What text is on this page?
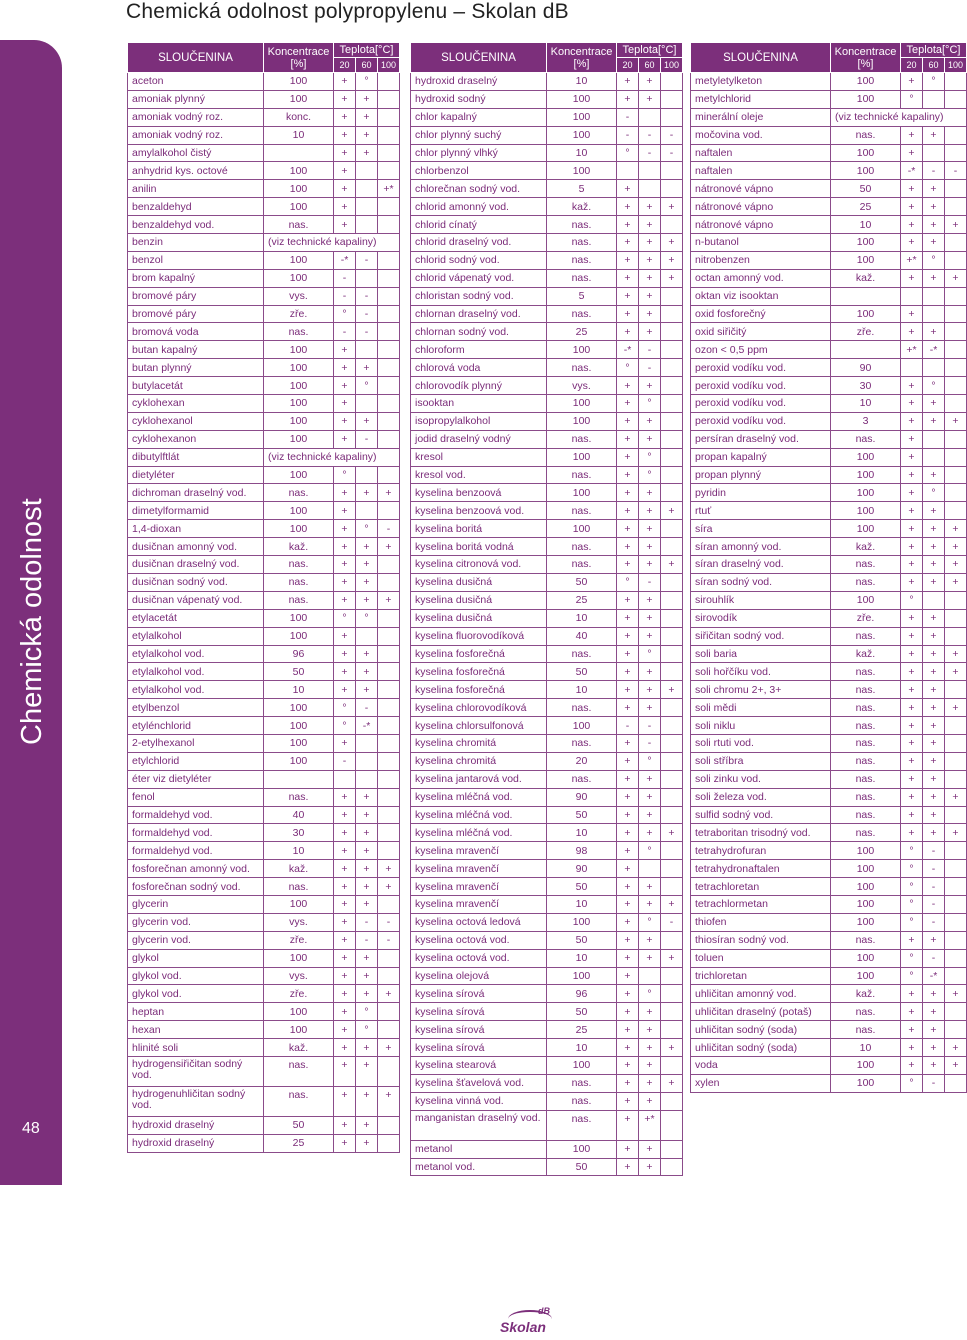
Chemická odolnost polypropylenu – Skolan dB
Chemická odolnost
48
SLOUČENINA	Koncentrace
[%]	Teplota[°C]		
		20	60	100
aceton	100	+	°	
amoniak plynný	100	+	+	
amoniak vodný roz.	konc.	+	+	
amoniak vodný roz.	10	+	+	
amylalkohol čistý		+	+	
anhydrid kys. octové	100	+		
anilin	100	+		+*
benzaldehyd	100	+		
benzaldehyd vod.	nas.	+		
benzin	(viz technické kapaliny)			
benzol	100	-*	-	
brom kapalný	100	-		
bromové páry	vys.	-	-	
bromové páry	zře.	°	-	
bromová voda	nas.	-	-	
butan kapalný	100	+		
butan plynný	100	+	+	
butylacetát	100	+	°	
cyklohexan	100	+		
cyklohexanol	100	+	+	
cyklohexanon	100	+	-	
dibutylftlát	(viz technické kapaliny)			
dietyléter	100	°		
dichroman draselný vod.	nas.	+	+	+
dimetylformamid	100	+		
1,4-dioxan	100	+	°	-
dusičnan amonný vod.	kaž.	+	+	+
dusičnan draselný vod.	nas.	+	+	
dusičnan sodný vod.	nas.	+	+	
dusičnan vápenatý vod.	nas.	+	+	+
etylacetát	100	°	°	
etylalkohol	100	+		
etylalkohol vod.	96	+	+	
etylalkohol vod.	50	+	+	
etylalkohol vod.	10	+	+	
etylbenzol	100	°	-	
etylénchlorid	100	°	-*	
2-etylhexanol	100	+		
etylchlorid	100	-		
éter viz dietyléter				
fenol	nas.	+	+	
formaldehyd vod.	40	+	+	
formaldehyd vod.	30	+	+	
formaldehyd vod.	10	+	+	
fosforečnan amonný vod.	kaž.	+	+	+
fosforečnan sodný vod.	nas.	+	+	+
glycerin	100	+	+	
glycerin vod.	vys.	+	-	-
glycerin vod.	zře.	+	-	-
glykol	100	+	+	
glykol vod.	vys.	+	+	
glykol vod.	zře.	+	+	+
heptan	100	+	°	
hexan	100	+	°	
hlinité soli	kaž.	+	+	+
hydrogensiřičitan sodný vod.	nas.	+	+	
hydrogenuhličitan sodný vod.	nas.	+	+	+
hydroxid draselný	50	+	+	
hydroxid draselný	25	+	+	
SLOUČENINA	Koncentrace
[%]	Teplota[°C]		
		20	60	100
hydroxid draselný	10	+	+	
hydroxid sodný	100	+	+	
chlor kapalný	100	-		
chlor plynný suchý	100	-	-	-
chlor plynný vlhký	10	°	-	-
chlorbenzol	100			
chlorečnan sodný vod.	5	+		
chlorid amonný vod.	kaž.	+	+	+
chlorid cínatý	nas.	+	+	
chlorid draselný vod.	nas.	+	+	+
chlorid sodný vod.	nas.	+	+	+
chlorid vápenatý vod.	nas.	+	+	+
chloristan sodný vod.	5	+	+	
chlornan draselný vod.	nas.	+	+	
chlornan sodný vod.	25	+	+	
chloroform	100	-*	-	
chlorová voda	nas.	°	-	
chlorovodík plynný	vys.	+	+	
isooktan	100	+	°	
isopropylalkohol	100	+	+	
jodid draselný vodný	nas.	+	+	
kresol	100	+	°	
kresol vod.	nas.	+	°	
kyselina benzoová	100	+	+	
kyselina benzoová vod.	nas.	+	+	+
kyselina boritá	100	+	+	
kyselina boritá vodná	nas.	+	+	
kyselina citronová vod.	nas.	+	+	+
kyselina dusičná	50	°	-	
kyselina dusičná	25	+	+	
kyselina dusičná	10	+	+	
kyselina fluorovodíková	40	+	+	
kyselina fosforečná	nas.	+	°	
kyselina fosforečná	50	+	+	
kyselina fosforečná	10	+	+	+
kyselina chlorovodíková	nas.	+	+	
kyselina chlorsulfonová	100	-	-	
kyselina chromitá	nas.	+	-	
kyselina chromitá	20	+	°	
kyselina jantarová vod.	nas.	+	+	
kyselina mléčná vod.	90	+	+	
kyselina mléčná vod.	50	+	+	
kyselina mléčná vod.	10	+	+	+
kyselina mravenčí	98	+	°	
kyselina mravenčí	90	+		
kyselina mravenčí	50	+	+	
kyselina mravenčí	10	+	+	+
kyselina octová ledová	100	+	°	-
kyselina octová vod.	50	+	+	
kyselina octová vod.	10	+	+	+
kyselina olejová	100	+		
kyselina sírová	96	+	°	
kyselina sírová	50	+	+	
kyselina sírová	25	+	+	
kyselina sírová	10	+	+	+
kyselina stearová	100	+	+	
kyselina šťavelová vod.	nas.	+	+	+
kyselina vinná vod.	nas.	+	+	
manganistan draselný vod.	nas.	+	+*	
metanol	100	+	+	
metanol vod.	50	+	+	
SLOUČENINA	Koncentrace
[%]	Teplota[°C]		
		20	60	100
metyletylketon	100	+	°	
metylchlorid	100	°		
minerální oleje	(viz technické kapaliny)			
močovina vod.	nas.	+	+	
naftalen	100	+		
naftalen	100	-*	-	-
nátronové vápno	50	+	+	
nátronové vápno	25	+	+	
nátronové vápno	10	+	+	+
n-butanol	100	+	+	
nitrobenzen	100	+*	°	
octan amonný vod.	kaž.	+	+	+
oktan viz isooktan				
oxid fosforečný	100	+		
oxid siřičitý	zře.	+	+	
ozon < 0,5 ppm		+*	-*	
peroxid vodíku vod.	90			
peroxid vodíku vod.	30	+	°	
peroxid vodíku vod.	10	+	+	
peroxid vodíku vod.	3	+	+	+
persíran draselný vod.	nas.	+		
propan kapalný	100	+		
propan plynný	100	+	+	
pyridin	100	+	°	
rtuť	100	+	+	
síra	100	+	+	+
síran amonný vod.	kaž.	+	+	+
síran draselný vod.	nas.	+	+	+
síran sodný vod.	nas.	+	+	+
sirouhlík	100	°		
sirovodík	zře.	+	+	
siřičitan sodný vod.	nas.	+	+	
soli baria	kaž.	+	+	+
soli hořčíku vod.	nas.	+	+	+
soli chromu 2+, 3+	nas.	+	+	
soli mědi	nas.	+	+	+
soli niklu	nas.	+	+	
soli rtuti vod.	nas.	+	+	
soli stříbra	nas.	+	+	
soli zinku vod.	nas.	+	+	
soli železa vod.	nas.	+	+	+
sulfid sodný vod.	nas.	+	+	
tetraboritan trisodný vod.	nas.	+	+	+
tetrahydrofuran	100	°	-	
tetrahydronaftalen	100	°	-	
tetrachloretan	100	°	-	
tetrachlormetan	100	°	-	
thiofen	100	°	-	
thiosíran sodný vod.	nas.	+	+	
toluen	100	°	-	
trichloretan	100	°	-*	
uhličitan amonný vod.	kaž.	+	+	+
uhličitan draselný (potaš)	nas.	+	+	
uhličitan sodný (soda)	nas.	+	+	
uhličitan sodný (soda)	10	+	+	+
voda	100	+	+	+
xylen	100	°	-	
dB
Skolan
